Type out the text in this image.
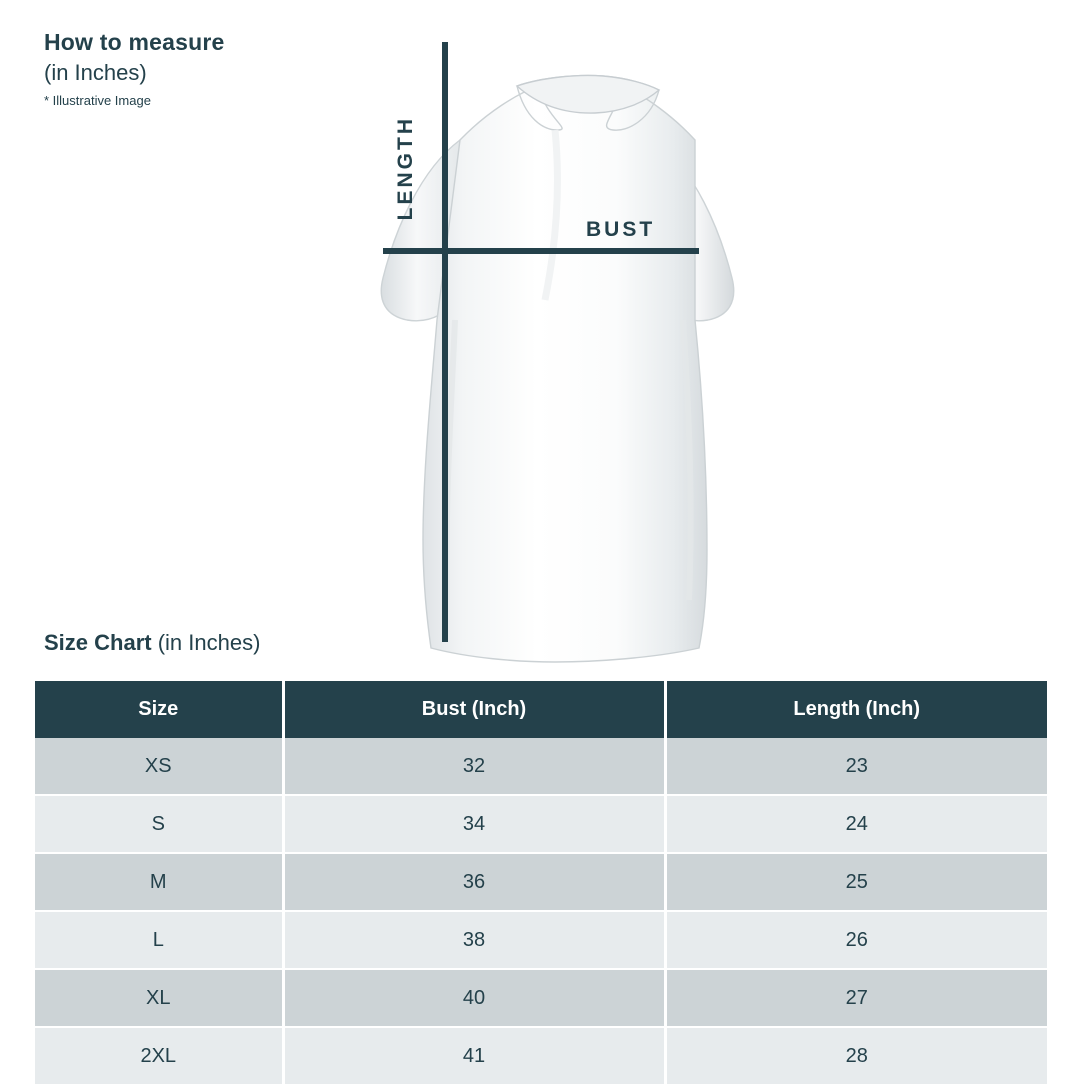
How to measure
(in Inches)
* Illustrative Image
LENGTH
BUST
Size Chart (in Inches)
Size	Bust (Inch)	Length (Inch)
XS	32	23
S	34	24
M	36	25
L	38	26
XL	40	27
2XL	41	28
